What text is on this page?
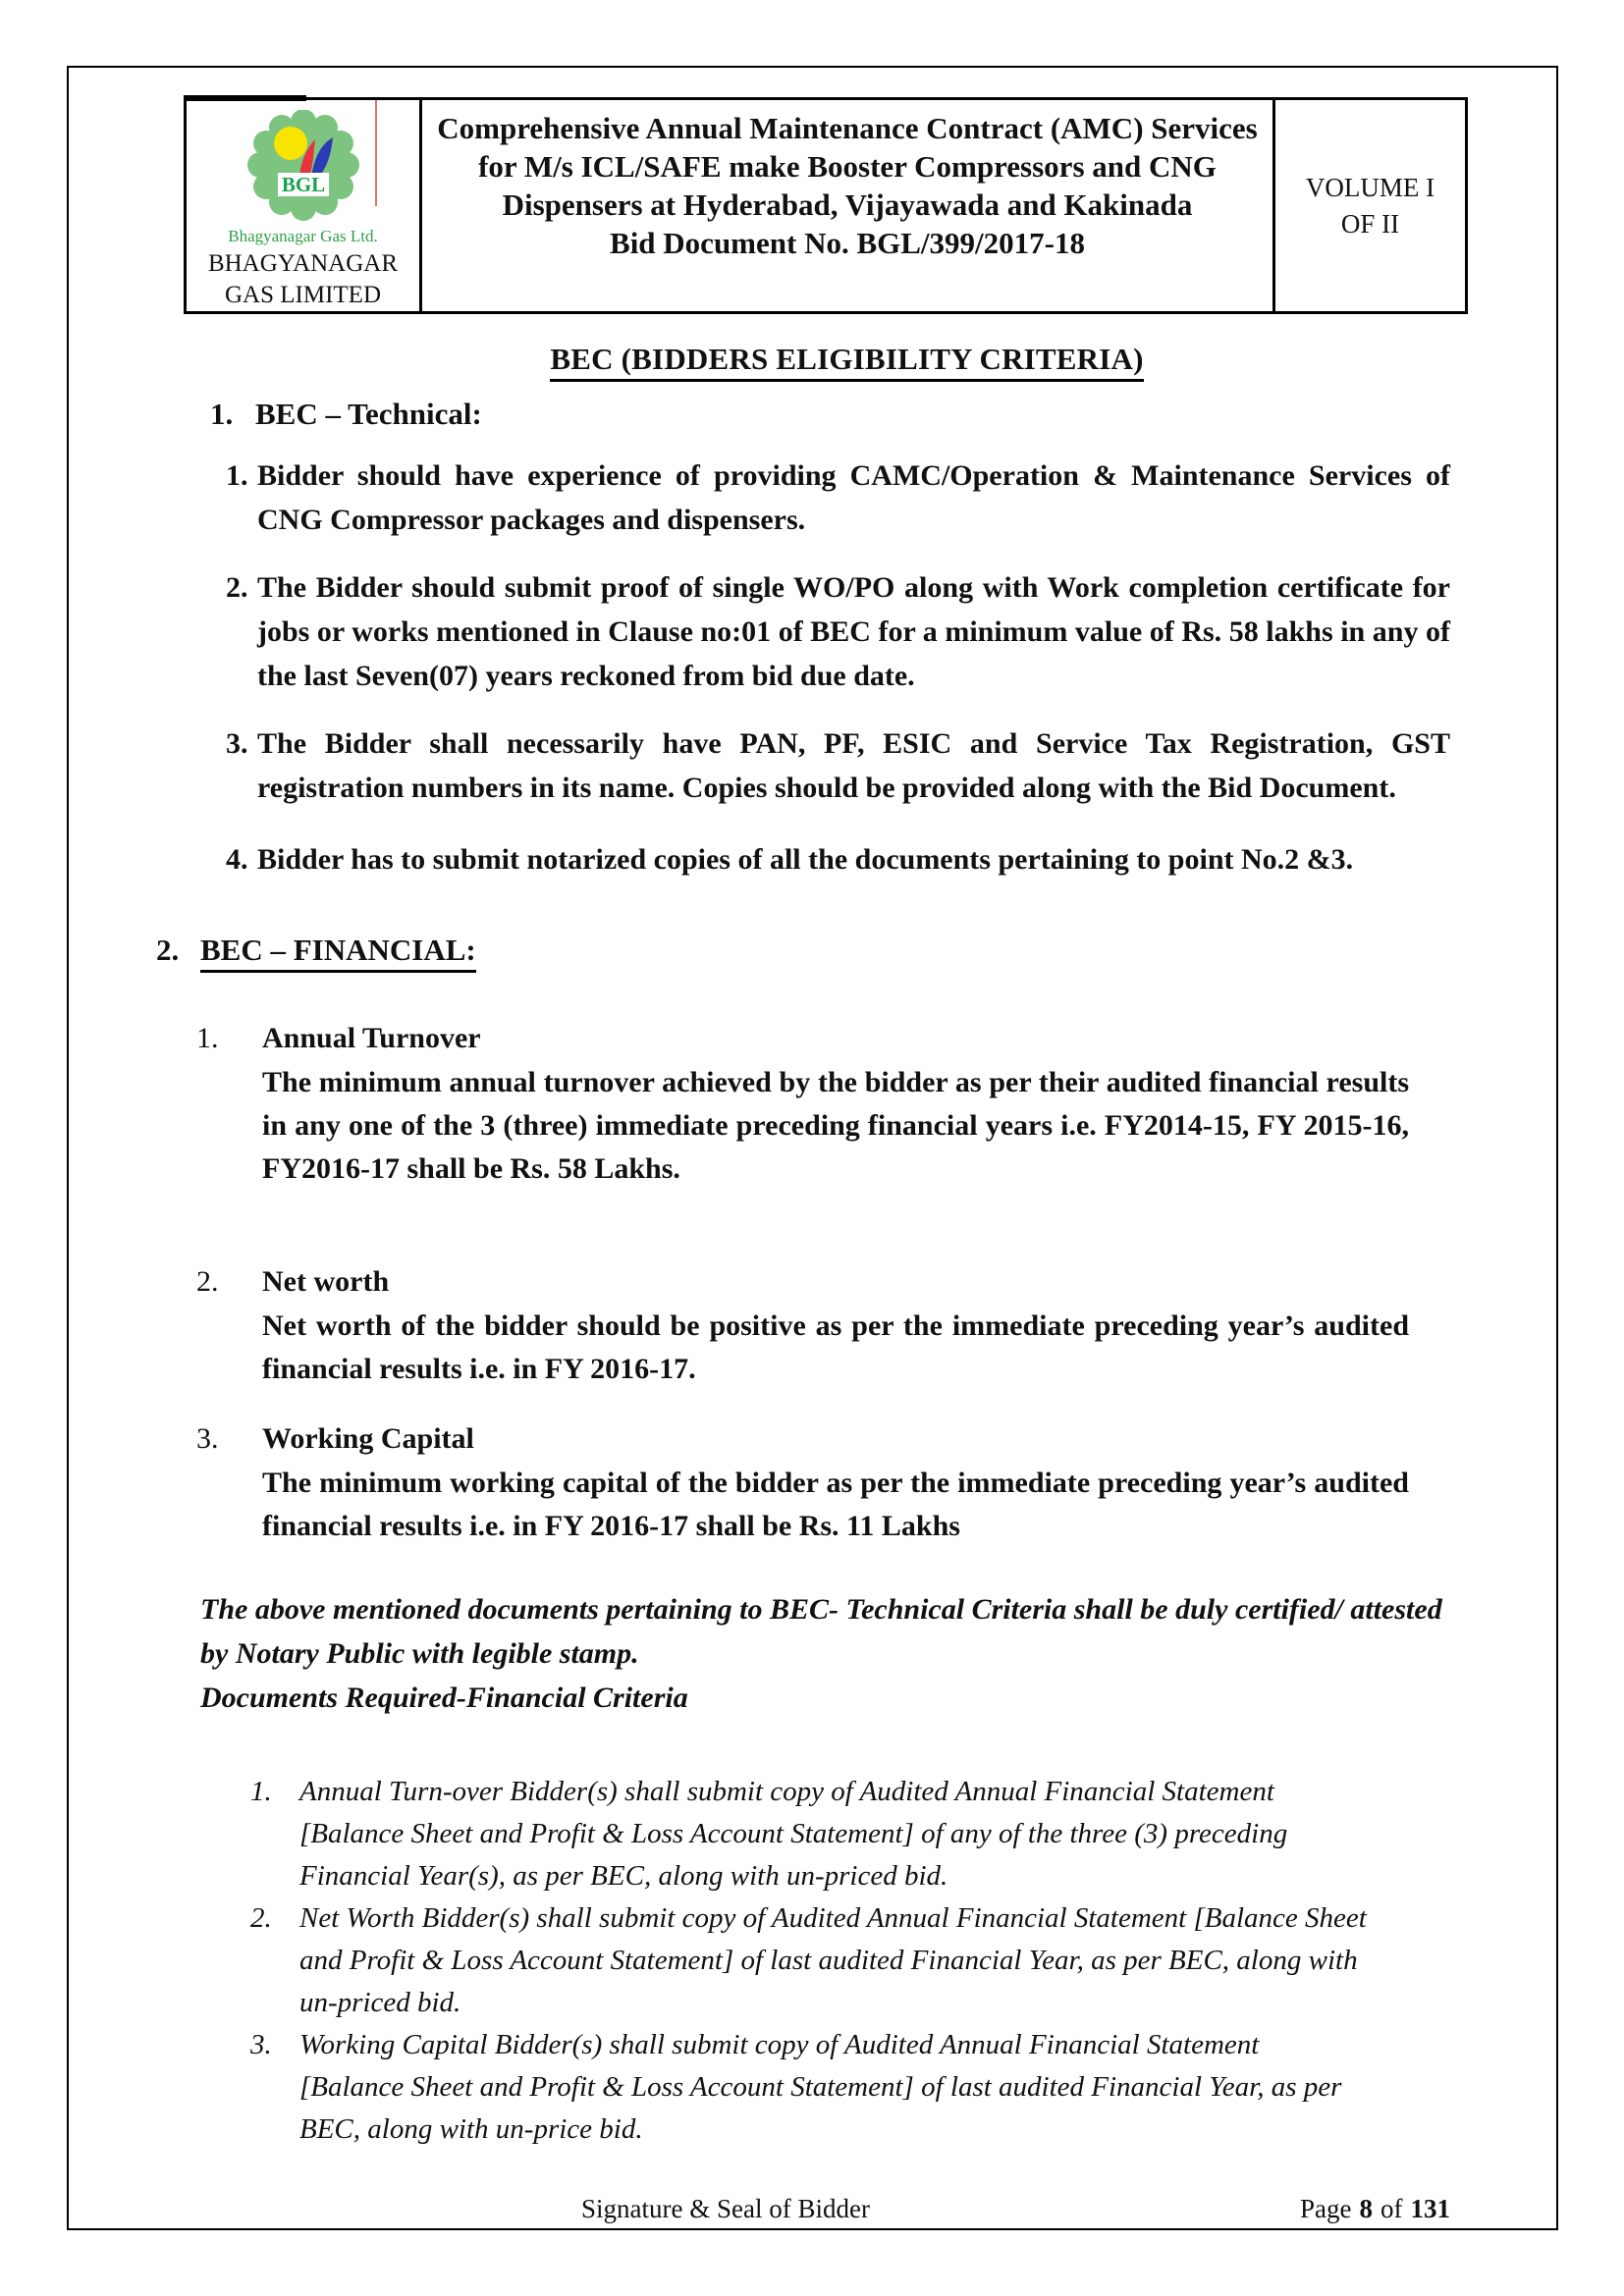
BGL
Bhagyanagar Gas Ltd.
BHAGYANAGAR
GAS LIMITED
Comprehensive Annual Maintenance Contract (AMC) Services for M/s ICL/SAFE make Booster Compressors and CNG Dispensers at Hyderabad, Vijayawada and Kakinada
Bid Document No. BGL/399/2017-18
VOLUME I OF II
BEC (BIDDERS ELIGIBILITY CRITERIA)
1. BEC – Technical:
1. Bidder should have experience of providing CAMC/Operation & Maintenance Services of CNG Compressor packages and dispensers.
2. The Bidder should submit proof of single WO/PO along with Work completion certificate for jobs or works mentioned in Clause no:01 of BEC for a minimum value of Rs. 58 lakhs in any of the last Seven(07) years reckoned from bid due date.
3. The Bidder shall necessarily have PAN, PF, ESIC and Service Tax Registration, GST registration numbers in its name. Copies should be provided along with the Bid Document.
4. Bidder has to submit notarized copies of all the documents pertaining to point No.2 &3.
2. BEC – FINANCIAL:
1.	Annual Turnover
The minimum annual turnover achieved by the bidder as per their audited financial results in any one of the 3 (three) immediate preceding financial years i.e. FY2014-15, FY 2015-16, FY2016-17 shall be Rs. 58 Lakhs.
2.	Net worth
Net worth of the bidder should be positive as per the immediate preceding year’s audited financial results i.e. in FY 2016-17.
3.	Working Capital
The minimum working capital of the bidder as per the immediate preceding year’s audited financial results i.e. in FY 2016-17 shall be Rs. 11 Lakhs
The above mentioned documents pertaining to BEC- Technical Criteria shall be duly certified/ attested by Notary Public with legible stamp.
Documents Required-Financial Criteria
1. Annual Turn-over Bidder(s) shall submit copy of Audited Annual Financial Statement [Balance Sheet and Profit & Loss Account Statement] of any of the three (3) preceding Financial Year(s), as per BEC, along with un-priced bid.
2. Net Worth Bidder(s) shall submit copy of Audited Annual Financial Statement [Balance Sheet and Profit & Loss Account Statement] of last audited Financial Year, as per BEC, along with un-priced bid.
3. Working Capital Bidder(s) shall submit copy of Audited Annual Financial Statement [Balance Sheet and Profit & Loss Account Statement] of last audited Financial Year, as per BEC, along with un-price bid.
Signature & Seal of Bidder	Page 8 of 131
